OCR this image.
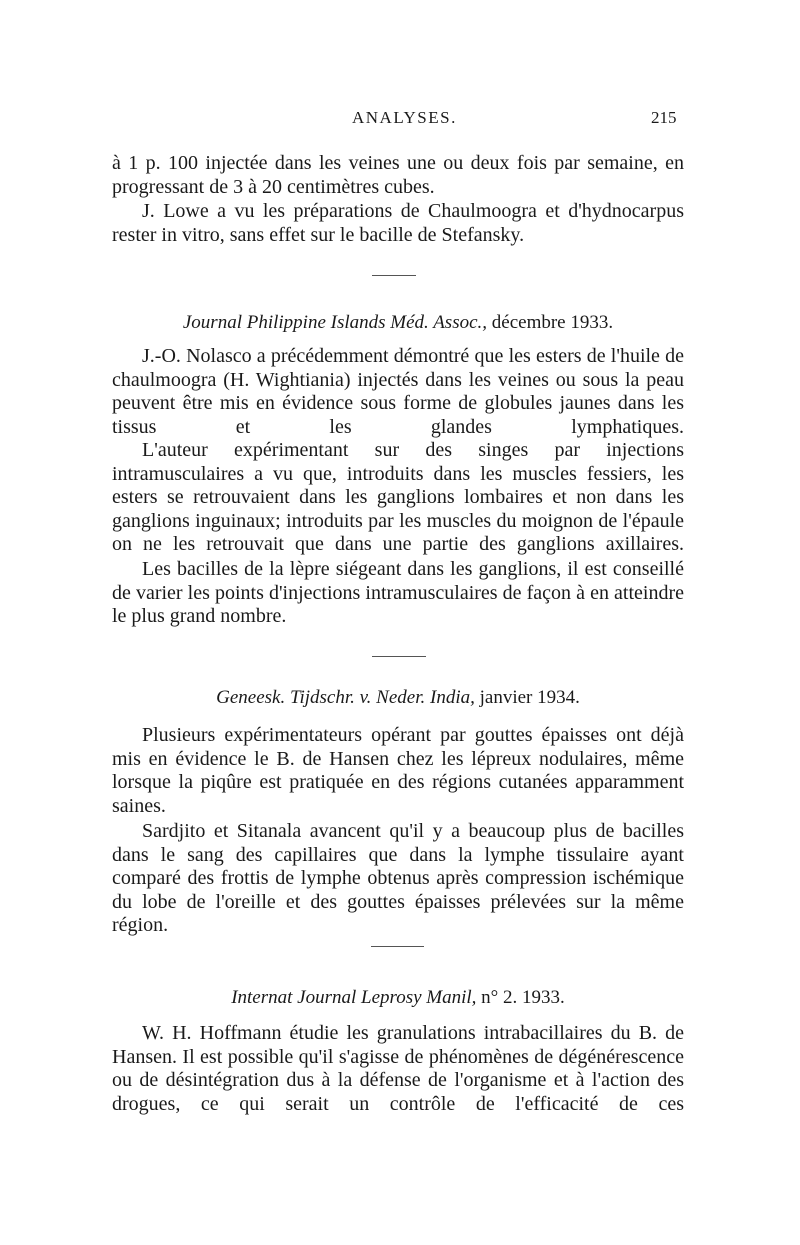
ANALYSES.	215

à 1 p. 100 injectée dans les veines une ou deux fois par semaine, en progressant de 3 à 20 centimètres cubes.

J. Lowe a vu les préparations de Chaulmoogra et d'hydnocarpus rester in vitro, sans effet sur le bacille de Stefansky.

Journal Philippine Islands Méd. Assoc., décembre 1933.

J.-O. Nolasco a précédemment démontré que les esters de l'huile de chaulmoogra (H. Wightiania) injectés dans les veines ou sous la peau peuvent être mis en évidence sous forme de globules jaunes dans les tissus et les glandes lymphatiques.

L'auteur expérimentant sur des singes par injections intramusculaires a vu que, introduits dans les muscles fessiers, les esters se retrouvaient dans les ganglions lombaires et non dans les ganglions inguinaux; introduits par les muscles du moignon de l'épaule on ne les retrouvait que dans une partie des ganglions axillaires.

Les bacilles de la lèpre siégeant dans les ganglions, il est conseillé de varier les points d'injections intramusculaires de façon à en atteindre le plus grand nombre.

Geneesk. Tijdschr. v. Neder. India, janvier 1934.

Plusieurs expérimentateurs opérant par gouttes épaisses ont déjà mis en évidence le B. de Hansen chez les lépreux nodulaires, même lorsque la piqûre est pratiquée en des régions cutanées apparamment saines.

Sardjito et Sitanala avancent qu'il y a beaucoup plus de bacilles dans le sang des capillaires que dans la lymphe tissulaire ayant comparé des frottis de lymphe obtenus après compression ischémique du lobe de l'oreille et des gouttes épaisses prélevées sur la même région.

Internat Journal Leprosy Manil, n° 2. 1933.

W. H. Hoffmann étudie les granulations intrabacillaires du B. de Hansen. Il est possible qu'il s'agisse de phénomènes de dégénérescence ou de désintégration dus à la défense de l'organisme et à l'action des drogues, ce qui serait un contrôle de l'efficacité de ces
